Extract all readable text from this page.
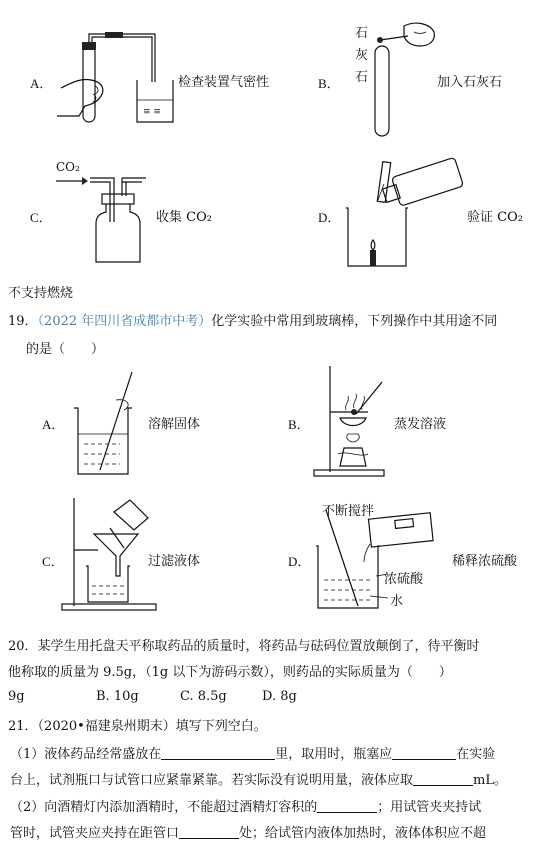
A．
≡ ≡
检查装置气密性	B．
石
灰
石	加入石灰石
C．
CO₂
收集 CO₂	D．	验证 CO₂
不支持燃烧
19．（2022 年四川省成都市中考）化学实验中常用到玻璃棒，下列操作中其用途不同
的是（　　）
A．	溶解固体	B．	蒸发溶液
C．	过滤液体	D．
不断搅拌
浓硫酸
水
稀释浓硫酸
20．某学生用托盘天平称取药品的质量时，将药品与砝码位置放颠倒了，待平衡时
他称取的质量为 9.5g，（1g 以下为游码示数），则药品的实际质量为（　　）
9g	B. 10g	C. 8.5g	D. 8g
21．（2020•福建泉州期末）填写下列空白。
（1）液体药品经常盛放在	里，取用时，瓶塞应	在实验
台上，试剂瓶口与试管口应紧靠紧靠。若实际没有说明用量，液体应取	mL。
（2）向酒精灯内添加酒精时，不能超过酒精灯容积的	；用试管夹夹持试
管时，试管夹应夹持在距管口	处；给试管内液体加热时，液体体积应不超
